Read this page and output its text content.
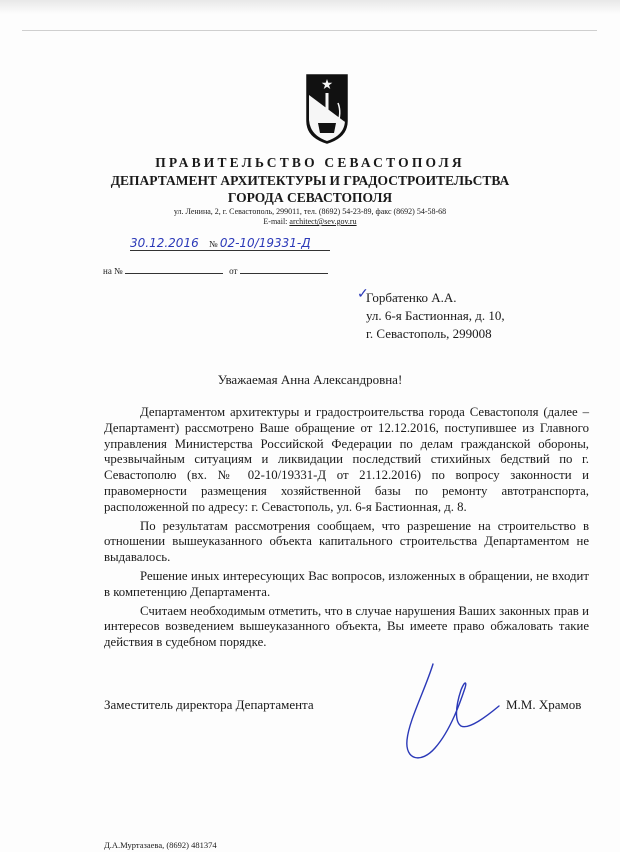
ПРАВИТЕЛЬСТВО СЕВАСТОПОЛЯ
ДЕПАРТАМЕНТ АРХИТЕКТУРЫ И ГРАДОСТРОИТЕЛЬСТВА
ГОРОДА СЕВАСТОПОЛЯ
ул. Ленина, 2, г. Севастополь, 299011, тел. (8692) 54-23-89, факс (8692) 54-58-68
E-mail: architect@sev.gov.ru
30.12.2016 № 02-10/19331-Д
на №	от
✓
Горбатенко А.А.
ул. 6-я Бастионная, д. 10,
г. Севастополь, 299008
Уважаемая Анна Александровна!

Департаментом архитектуры и градостроительства города Севастополя (далее – Департамент) рассмотрено Ваше обращение от 12.12.2016, поступившее из Главного управления Министерства Российской Федерации по делам гражданской обороны, чрезвычайным ситуациям и ликвидации последствий стихийных бедствий по г. Севастополю (вх. № 02-10/19331-Д от 21.12.2016) по вопросу законности и правомерности размещения хозяйственной базы по ремонту автотранспорта, расположенной по адресу: г. Севастополь, ул. 6-я Бастионная, д. 8.

По результатам рассмотрения сообщаем, что разрешение на строительство в отношении вышеуказанного объекта капитального строительства Департаментом не выдавалось.

Решение иных интересующих Вас вопросов, изложенных в обращении, не входит в компетенцию Департамента.

Считаем необходимым отметить, что в случае нарушения Ваших законных прав и интересов возведением вышеуказанного объекта, Вы имеете право обжаловать такие действия в судебном порядке.

Заместитель директора Департамента	М.М. Храмов
Д.А.Муртазаева, (8692) 481374
